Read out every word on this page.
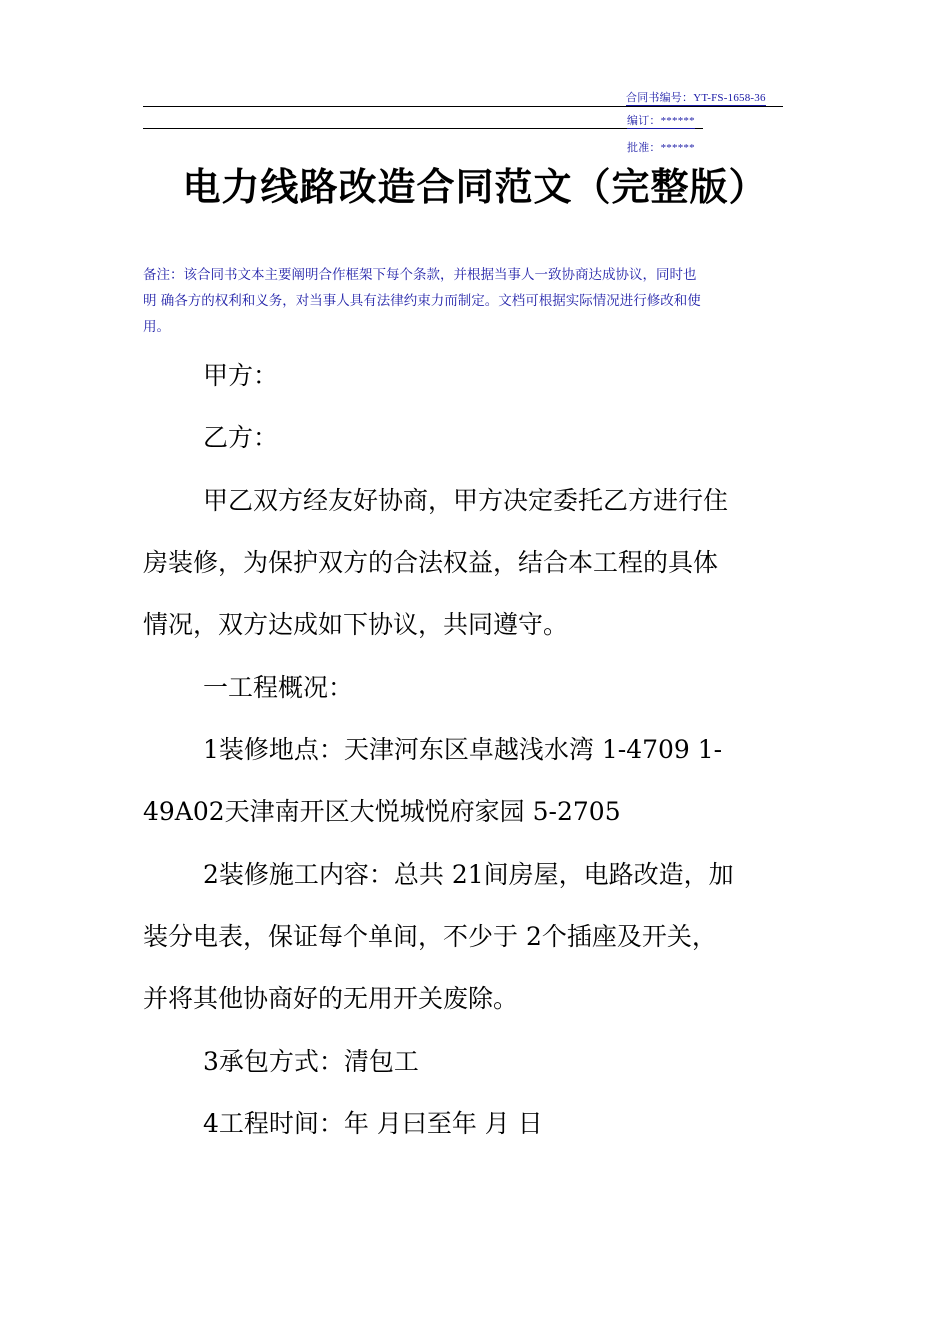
合同书编号：YT-FS-1658-36
编订：******
批准：******
电力线路改造合同范文（完整版）
备注：该合同书文本主要阐明合作框架下每个条款，并根据当事人一致协商达成协议，同时也
明 确各方的权利和义务，对当事人具有法律约束力而制定。文档可根据实际情况进行修改和使
用。
甲方：
乙方：
甲乙双方经友好协商，甲方决定委托乙方进行住
房装修，为保护双方的合法权益，结合本工程的具体
情况，双方达成如下协议，共同遵守。
一工程概况：
1装修地点：天津河东区卓越浅水湾 1-4709 1-
49A02天津南开区大悦城悦府家园 5-2705
2装修施工内容：总共 21间房屋，电路改造，加
装分电表，保证每个单间，不少于 2个插座及开关，
并将其他协商好的无用开关废除。
3承包方式：清包工
4工程时间：年 月曰至年 月 日
